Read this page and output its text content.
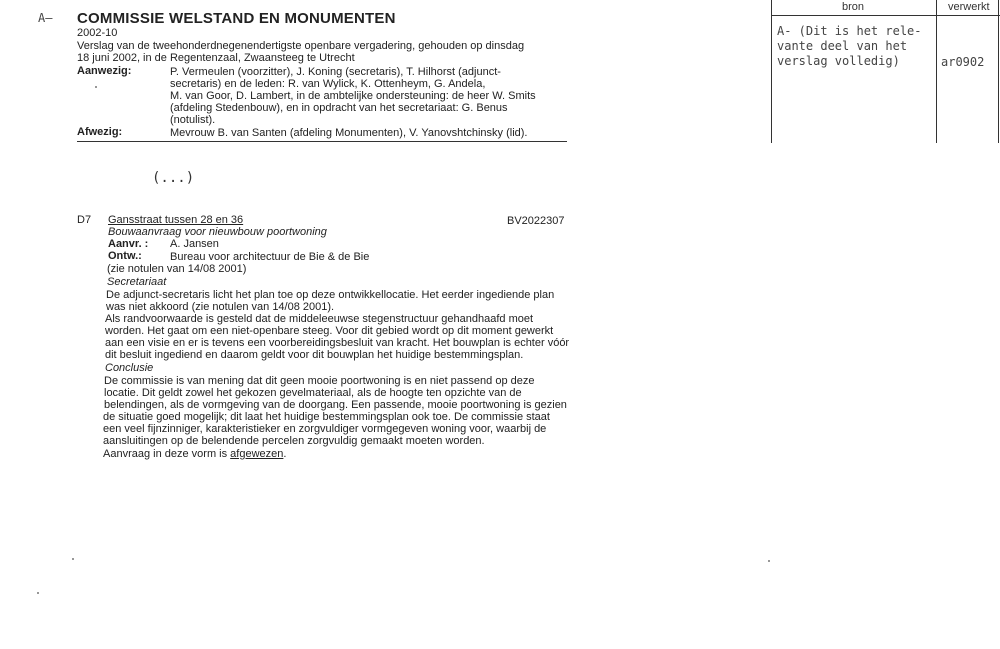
A— COMMISSIE WELSTAND EN MONUMENTEN
2002-10
Verslag van de tweehonderdnegenendertigste openbare vergadering, gehouden op dinsdag
18 juni 2002, in de Regentenzaal, Zwaansteeg te Utrecht
Aanwezig:	P. Vermeulen (voorzitter), J. Koning (secretaris), T. Hilhorst (adjunct-
secretaris) en de leden: R. van Wylick, K. Ottenheym, G. Andela,
M. van Goor, D. Lambert, in de ambtelijke ondersteuning: de heer W. Smits
(afdeling Stedenbouw), en in opdracht van het secretariaat: G. Benus
(notulist).
Afwezig:	Mevrouw B. van Santen (afdeling Monumenten), V. Yanovshtchinsky (lid).
bron	verwerkt
A- (Dit is het rele-
vante deel van het
verslag volledig)	ar0902
(...)
D7 Gansstraat tussen 28 en 36	BV2022307
Bouwaanvraag voor nieuwbouw poortwoning
Aanvr. : A. Jansen
Ontw.:	Bureau voor architectuur de Bie & de Bie
(zie notulen van 14/08 2001)
Secretariaat
De adjunct-secretaris licht het plan toe op deze ontwikkellocatie. Het eerder ingediende plan
was niet akkoord (zie notulen van 14/08 2001).
Als randvoorwaarde is gesteld dat de middeleeuwse stegenstructuur gehandhaafd moet
worden. Het gaat om een niet-openbare steeg. Voor dit gebied wordt op dit moment gewerkt
aan een visie en er is tevens een voorbereidingsbesluit van kracht. Het bouwplan is echter vóór
dit besluit ingediend en daarom geldt voor dit bouwplan het huidige bestemmingsplan.
Conclusie
De commissie is van mening dat dit geen mooie poortwoning is en niet passend op deze
locatie. Dit geldt zowel het gekozen gevelmateriaal, als de hoogte ten opzichte van de
belendingen, als de vormgeving van de doorgang. Een passende, mooie poortwoning is gezien
de situatie goed mogelijk; dit laat het huidige bestemmingsplan ook toe. De commissie staat
een veel fijnzinniger, karakteristieker en zorgvuldiger vormgegeven woning voor, waarbij de
aansluitingen op de belendende percelen zorgvuldig gemaakt moeten worden.
Aanvraag in deze vorm is afgewezen.
